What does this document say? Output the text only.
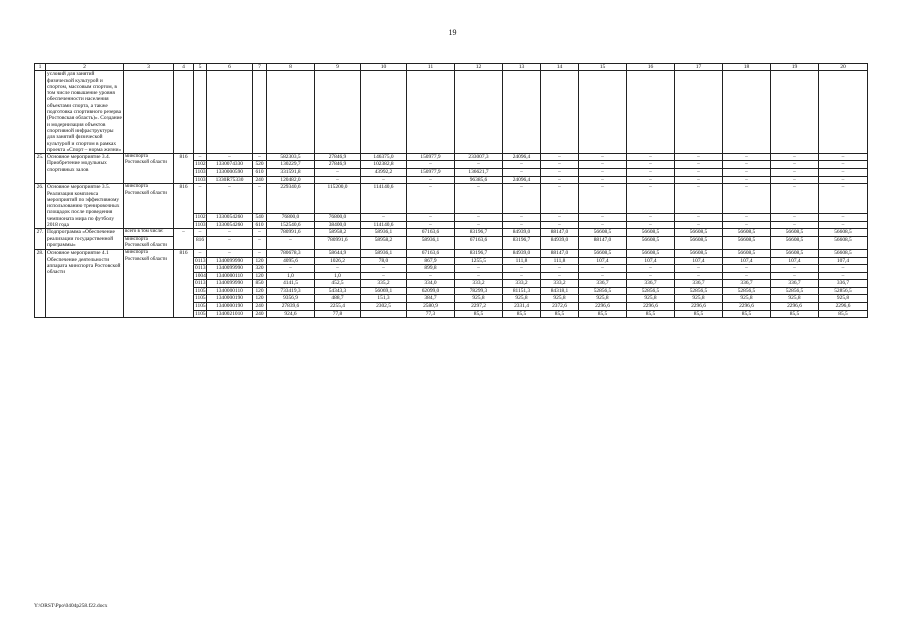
19
1	2	3	4	5	6	7	8	9	10	11	12	13	14	15	16	17	18	19	20	
	условий для занятий физической культурой и спортом, массовым спортом, в том числе повышение уровня обеспеченности населения объектами спорта, а также подготовка спортивного резерва (Ростовская область)». Создание и модернизация объектов спортивной инфраструктуры для занятий физической культурой и спортом в рамках проекта «Спорт – норма жизни»																			
25.	Основное мероприятие 3.4. Приобретение модульных спортивных залов	минспорта Ростовской области	816	–	–	–	582303,5	27846,9	146375,0	150977,9	233007,3	24096,4	–	–	–	–	–	–	–	
				1102	1330074330	520	130229,7	27846,9	102382,8	–	–	–	–	–	–	–	–	–	–	
				1103	1330000590	610	331591,8	–	43992,2	150977,9	136621,7	–	–	–	–	–	–	–	–	
				1103	1330R75330	240	120482,0	–	–	–	96385,6	24096,4	–	–	–	–	–	–	–	
26.	Основное мероприятие 3.5. Реализация комплекса мероприятий по эффективному использованию тренировочных площадок после проведения чемпионата мира по футболу 2018 года	минспорта Ростовской области	816	–	–	–	229340,6	115200,0	114140,6	–	–	–	–	–	–	–	–	–	–	
				1102	1330054260	540	76800,0	76800,0	–	–	–	–	–	–	–	–	–	–	–	
				1103	1330054260	610	152540,6	38400,0	114140,6	–	–	–	–	–	–	–	–	–	–	
27.	Подпрограмма «Обеспечение реализации государственной программы»	всего в том числе:	–	–	–	–	780991,6	58958,2	58936,1	67163,6	83196,7	84939,0	88147,0	56608,5	56608,5	56608,5	56608,5	56608,5	56608,5	
		минспорта Ростовской области		816	–	–	–	780991,6	58958,2	58936,1	67163,6	83196,7	84939,0	88147,0	56608,5	56608,5	56608,5	56608,5	56608,5	
28.	Основное мероприятие 4.1 Обеспечение деятельности аппарата минспорта Ростовской области	минспорта Ростовской области	816	–	–	–	780678,3	58644,9	58936,1	67163,6	83196,7	84939,0	88147,0	56608,5	56608,5	56608,5	56608,5	56608,5	56608,5	
				0113	1340099990	120	4095,6	1026,2	78,0	867,9	1255,5	111,8	111,8	107,4	107,4	107,4	107,4	107,4	107,4	
				0113	1340099990	320	–	–	–	899,8	–	–	–	–	–	–	–	–	–	
				1004	1340000110	120	1,0	1,0	–	–	–	–	–	–	–	–	–	–	–	
				0113	1340099990	850	4141,5	452,5	335,2	334,0	333,2	333,2	333,2	336,7	336,7	336,7	336,7	336,7	336,7	
				1105	1340000110	120	733419,3	54343,3	56069,1	62099,0	78299,3	81151,3	84318,1	52856,5	52856,5	52856,5	52856,5	52856,5	52856,5	
				1105	1340000190	120	9356,9	488,7	151,3	384,7	925,8	925,8	925,8	925,8	925,8	925,8	925,8	925,8	925,8	
				1105	1340000190	240	27839,6	2255,4	2302,5	2580,9	2297,2	2331,4	2372,6	2296,6	2296,6	2296,6	2296,6	2296,6	2296,6	
				1105	1340021010	240	924,6	77,8		77,3	85,5	85,5	85,5	85,5	85,5	85,5	85,5	85,5	85,5	
Y:\ORST\Ppo\0404p258.f22.docx
